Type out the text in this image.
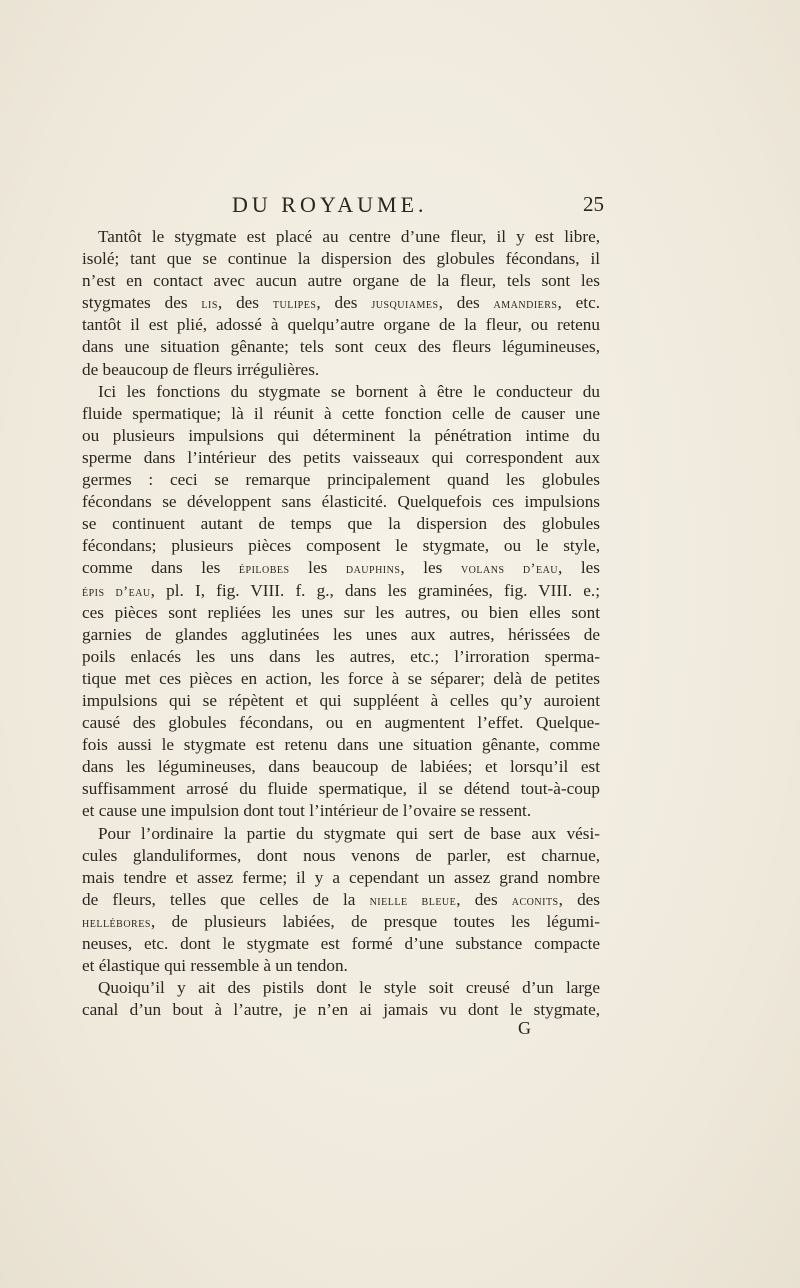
DU ROYAUME.	25
Tantôt le stygmate est placé au centre d’une fleur, il y est libre,
isolé; tant que se continue la dispersion des globules fécondans, il
n’est en contact avec aucun autre organe de la fleur, tels sont les
stygmates des lis, des tulipes, des jusquiames, des amandiers, etc.
tantôt il est plié, adossé à quelqu’autre organe de la fleur, ou retenu
dans une situation gênante; tels sont ceux des fleurs légumineuses,
de beaucoup de fleurs irrégulières.
Ici les fonctions du stygmate se bornent à être le conducteur du
fluide spermatique; là il réunit à cette fonction celle de causer une
ou plusieurs impulsions qui déterminent la pénétration intime du
sperme dans l’intérieur des petits vaisseaux qui correspondent aux
germes : ceci se remarque principalement quand les globules
fécondans se développent sans élasticité. Quelquefois ces impulsions
se continuent autant de temps que la dispersion des globules
fécondans; plusieurs pièces composent le stygmate, ou le style,
comme dans les épilobes les dauphins, les volans d’eau, les
épis d’eau, pl. I, fig. VIII. f. g., dans les graminées, fig. VIII. e.;
ces pièces sont repliées les unes sur les autres, ou bien elles sont
garnies de glandes agglutinées les unes aux autres, hérissées de
poils enlacés les uns dans les autres, etc.; l’irroration sperma-
tique met ces pièces en action, les force à se séparer; delà de petites
impulsions qui se répètent et qui suppléent à celles qu’y auroient
causé des globules fécondans, ou en augmentent l’effet. Quelque-
fois aussi le stygmate est retenu dans une situation gênante, comme
dans les légumineuses, dans beaucoup de labiées; et lorsqu’il est
suffisamment arrosé du fluide spermatique, il se détend tout-à-coup
et cause une impulsion dont tout l’intérieur de l’ovaire se ressent.
Pour l’ordinaire la partie du stygmate qui sert de base aux vési-
cules glanduliformes, dont nous venons de parler, est charnue,
mais tendre et assez ferme; il y a cependant un assez grand nombre
de fleurs, telles que celles de la nielle bleue, des aconits, des
hellébores, de plusieurs labiées, de presque toutes les légumi-
neuses, etc. dont le stygmate est formé d’une substance compacte
et élastique qui ressemble à un tendon.
Quoiqu’il y ait des pistils dont le style soit creusé d’un large
canal d’un bout à l’autre, je n’en ai jamais vu dont le stygmate,
G
